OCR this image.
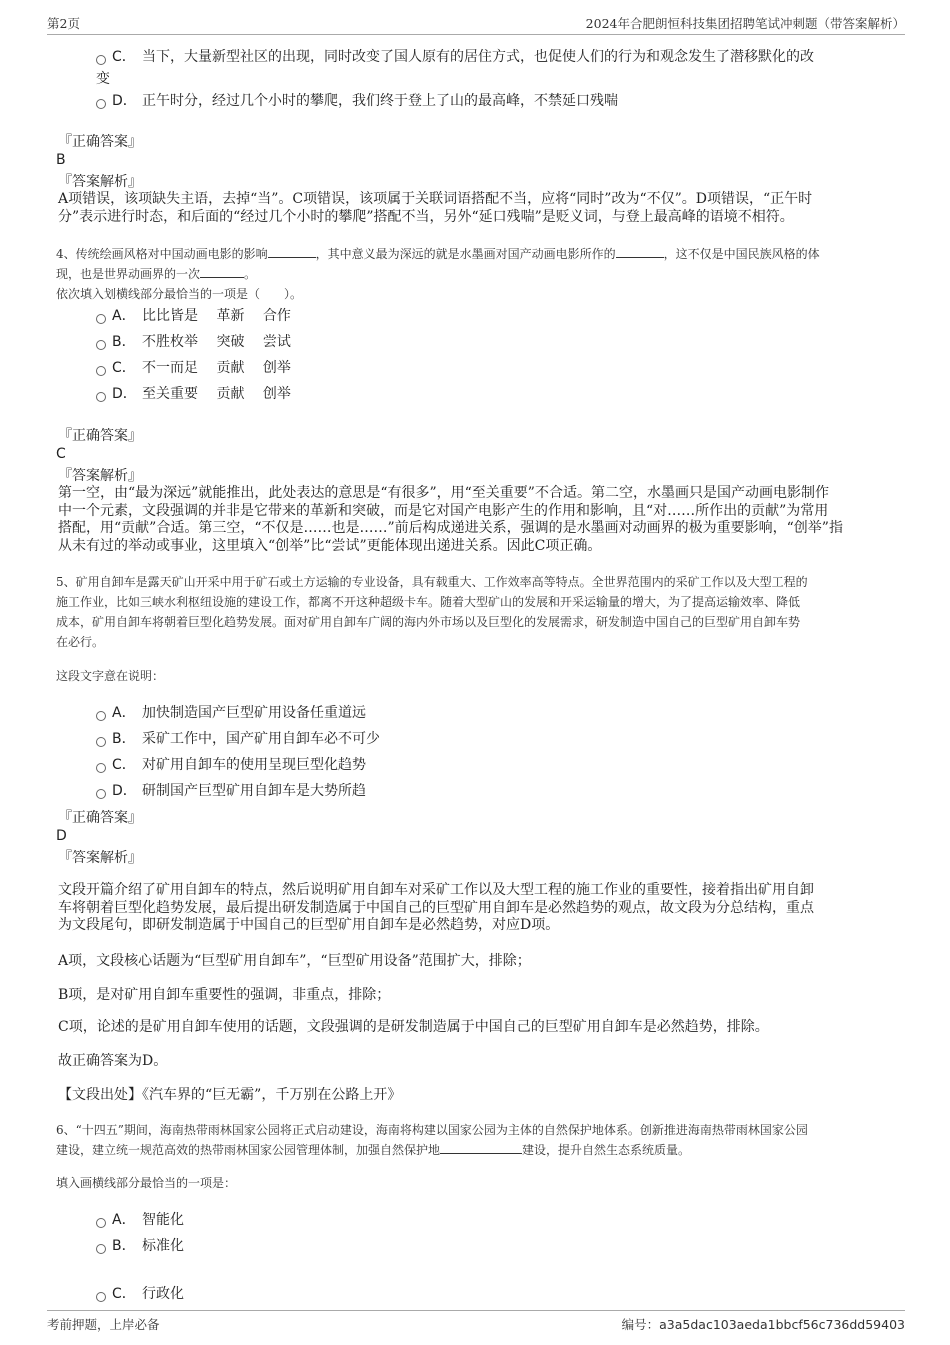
第2页	2024年合肥朗恒科技集团招聘笔试冲刺题（带答案解析）
C． 当下，大量新型社区的出现，同时改变了国人原有的居住方式，也促使人们的行为和观念发生了潜移默化的改
变
D． 正午时分，经过几个小时的攀爬，我们终于登上了山的最高峰，不禁延口残喘
『正确答案』
B
『答案解析』
A项错误，该项缺失主语，去掉“当”。C项错误，该项属于关联词语搭配不当，应将“同时”改为“不仅”。D项错误，“正午时
分”表示进行时态，和后面的“经过几个小时的攀爬”搭配不当，另外“延口残喘”是贬义词，与登上最高峰的语境不相符。
4、传统绘画风格对中国动画电影的影响	，其中意义最为深远的就是水墨画对国产动画电影所作的	，这不仅是中国民族风格的体
现，也是世界动画界的一次	。
依次填入划横线部分最恰当的一项是（　　）。
A． 比比皆是　 革新　 合作
B． 不胜枚举　 突破　 尝试
C． 不一而足　 贡献　 创举
D． 至关重要　 贡献　 创举
『正确答案』
C
『答案解析』
第一空，由“最为深远”就能推出，此处表达的意思是“有很多”，用“至关重要”不合适。第二空，水墨画只是国产动画电影制作
中一个元素，文段强调的并非是它带来的革新和突破，而是它对国产电影产生的作用和影响，且“对……所作出的贡献”为常用
搭配，用“贡献”合适。第三空，“不仅是……也是……”前后构成递进关系，强调的是水墨画对动画界的极为重要影响，“创举”指
从未有过的举动或事业，这里填入“创举”比“尝试”更能体现出递进关系。因此C项正确。
5、矿用自卸车是露天矿山开采中用于矿石或土方运输的专业设备，具有载重大、工作效率高等特点。全世界范围内的采矿工作以及大型工程的
施工作业，比如三峡水利枢纽设施的建设工作，都离不开这种超级卡车。随着大型矿山的发展和开采运输量的增大，为了提高运输效率、降低
成本，矿用自卸车将朝着巨型化趋势发展。面对矿用自卸车广阔的海内外市场以及巨型化的发展需求，研发制造中国自己的巨型矿用自卸车势
在必行。
这段文字意在说明：
A． 加快制造国产巨型矿用设备任重道远
B． 采矿工作中，国产矿用自卸车必不可少
C． 对矿用自卸车的使用呈现巨型化趋势
D． 研制国产巨型矿用自卸车是大势所趋
『正确答案』
D
『答案解析』
文段开篇介绍了矿用自卸车的特点，然后说明矿用自卸车对采矿工作以及大型工程的施工作业的重要性，接着指出矿用自卸
车将朝着巨型化趋势发展，最后提出研发制造属于中国自己的巨型矿用自卸车是必然趋势的观点，故文段为分总结构，重点
为文段尾句，即研发制造属于中国自己的巨型矿用自卸车是必然趋势，对应D项。
A项，文段核心话题为“巨型矿用自卸车”，“巨型矿用设备”范围扩大，排除；
B项，是对矿用自卸车重要性的强调，非重点，排除；
C项，论述的是矿用自卸车使用的话题，文段强调的是研发制造属于中国自己的巨型矿用自卸车是必然趋势，排除。
故正确答案为D。
【文段出处】《汽车界的“巨无霸”，千万别在公路上开》
6、“十四五”期间，海南热带雨林国家公园将正式启动建设，海南将构建以国家公园为主体的自然保护地体系。创新推进海南热带雨林国家公园
建设，建立统一规范高效的热带雨林国家公园管理体制，加强自然保护地	建设，提升自然生态系统质量。
填入画横线部分最恰当的一项是：
A． 智能化
B． 标准化
C． 行政化
考前押题，上岸必备	编号：a3a5dac103aeda1bbcf56c736dd59403
